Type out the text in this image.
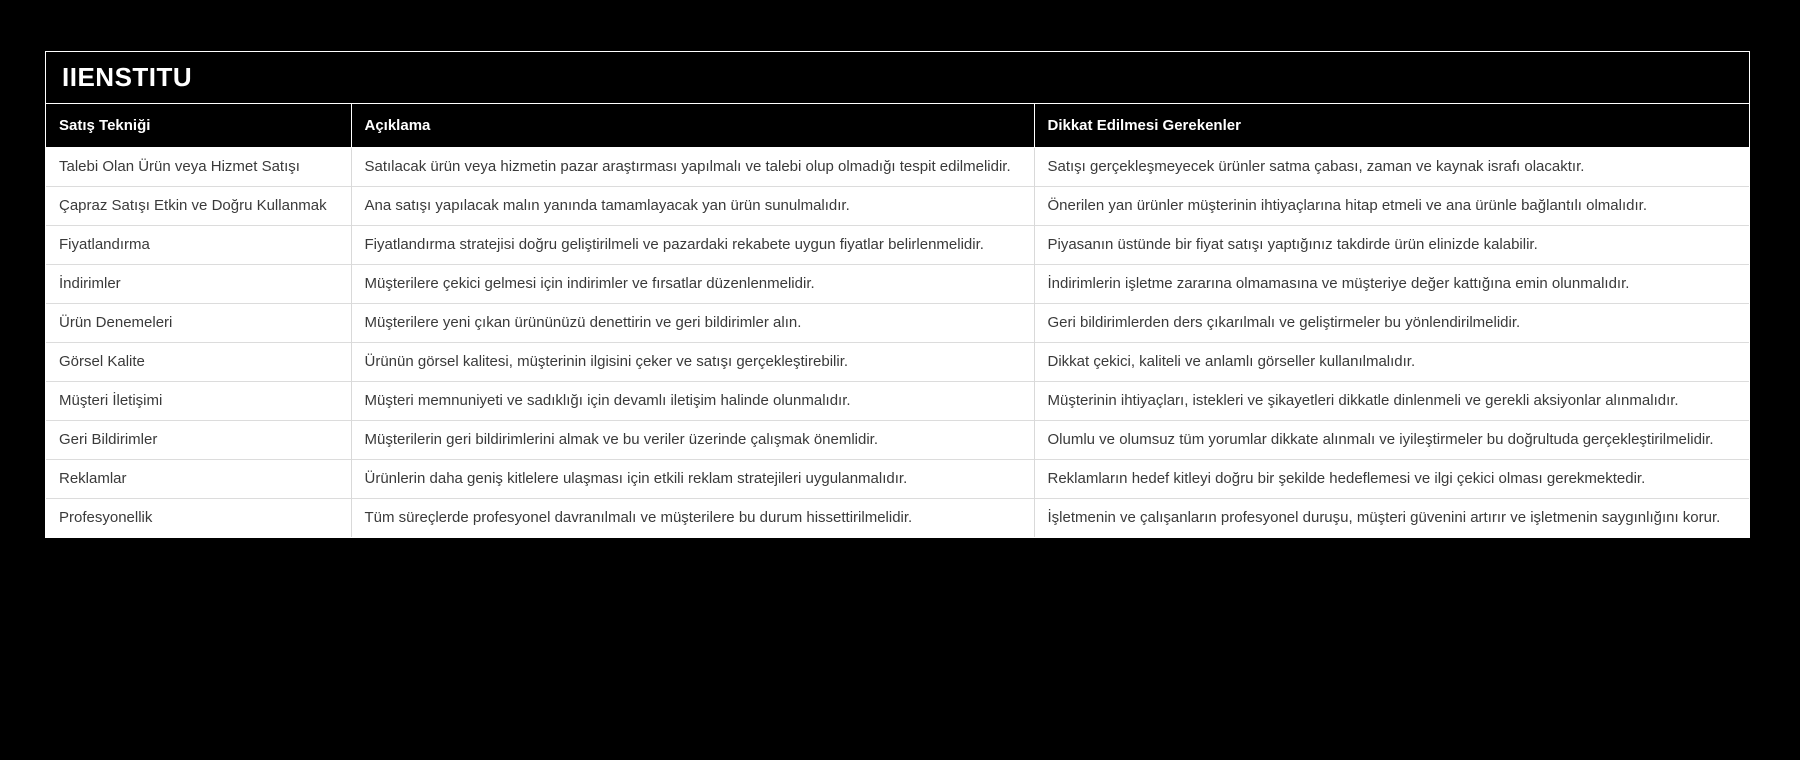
IIENSTITU
Satış Tekniği	Açıklama	Dikkat Edilmesi Gerekenler
Talebi Olan Ürün veya Hizmet Satışı	Satılacak ürün veya hizmetin pazar araştırması yapılmalı ve talebi olup olmadığı tespit edilmelidir.	Satışı gerçekleşmeyecek ürünler satma çabası, zaman ve kaynak israfı olacaktır.
Çapraz Satışı Etkin ve Doğru Kullanmak	Ana satışı yapılacak malın yanında tamamlayacak yan ürün sunulmalıdır.	Önerilen yan ürünler müşterinin ihtiyaçlarına hitap etmeli ve ana ürünle bağlantılı olmalıdır.
Fiyatlandırma	Fiyatlandırma stratejisi doğru geliştirilmeli ve pazardaki rekabete uygun fiyatlar belirlenmelidir.	Piyasanın üstünde bir fiyat satışı yaptığınız takdirde ürün elinizde kalabilir.
İndirimler	Müşterilere çekici gelmesi için indirimler ve fırsatlar düzenlenmelidir.	İndirimlerin işletme zararına olmamasına ve müşteriye değer kattığına emin olunmalıdır.
Ürün Denemeleri	Müşterilere yeni çıkan ürününüzü denettirin ve geri bildirimler alın.	Geri bildirimlerden ders çıkarılmalı ve geliştirmeler bu yönlendirilmelidir.
Görsel Kalite	Ürünün görsel kalitesi, müşterinin ilgisini çeker ve satışı gerçekleştirebilir.	Dikkat çekici, kaliteli ve anlamlı görseller kullanılmalıdır.
Müşteri İletişimi	Müşteri memnuniyeti ve sadıklığı için devamlı iletişim halinde olunmalıdır.	Müşterinin ihtiyaçları, istekleri ve şikayetleri dikkatle dinlenmeli ve gerekli aksiyonlar alınmalıdır.
Geri Bildirimler	Müşterilerin geri bildirimlerini almak ve bu veriler üzerinde çalışmak önemlidir.	Olumlu ve olumsuz tüm yorumlar dikkate alınmalı ve iyileştirmeler bu doğrultuda gerçekleştirilmelidir.
Reklamlar	Ürünlerin daha geniş kitlelere ulaşması için etkili reklam stratejileri uygulanmalıdır.	Reklamların hedef kitleyi doğru bir şekilde hedeflemesi ve ilgi çekici olması gerekmektedir.
Profesyonellik	Tüm süreçlerde profesyonel davranılmalı ve müşterilere bu durum hissettirilmelidir.	İşletmenin ve çalışanların profesyonel duruşu, müşteri güvenini artırır ve işletmenin saygınlığını korur.
